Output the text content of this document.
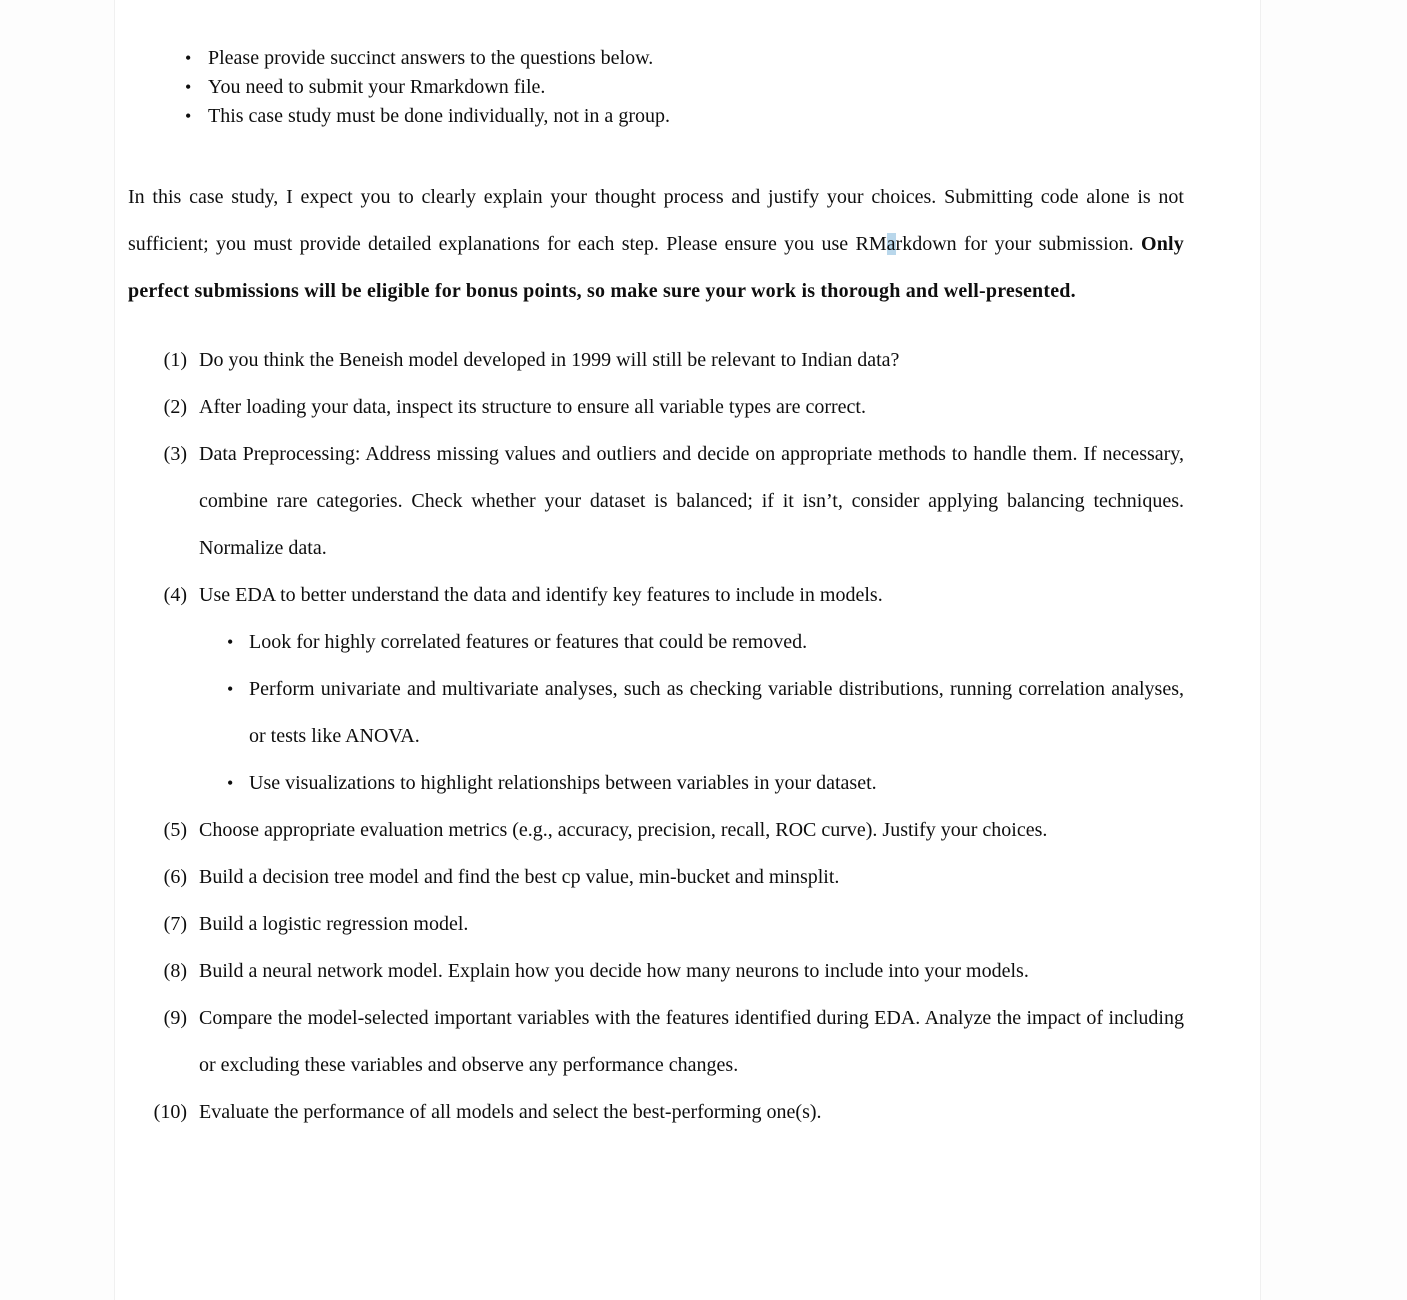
• Please provide succinct answers to the questions below.
• You need to submit your Rmarkdown file.
• This case study must be done individually, not in a group.

In this case study, I expect you to clearly explain your thought process and justify your choices. Submitting code alone is not sufficient; you must provide detailed explanations for each step. Please ensure you use RMarkdown for your submission. Only perfect submissions will be eligible for bonus points, so make sure your work is thorough and well-presented.

(1) Do you think the Beneish model developed in 1999 will still be relevant to Indian data?
(2) After loading your data, inspect its structure to ensure all variable types are correct.
(3) Data Preprocessing: Address missing values and outliers and decide on appropriate methods to handle them. If necessary, combine rare categories. Check whether your dataset is balanced; if it isn’t, consider applying balancing techniques. Normalize data.
(4) Use EDA to better understand the data and identify key features to include in models.
• Look for highly correlated features or features that could be removed.
• Perform univariate and multivariate analyses, such as checking variable distributions, running correlation analyses, or tests like ANOVA.
• Use visualizations to highlight relationships between variables in your dataset.
(5) Choose appropriate evaluation metrics (e.g., accuracy, precision, recall, ROC curve). Justify your choices.
(6) Build a decision tree model and find the best cp value, min-bucket and minsplit.
(7) Build a logistic regression model.
(8) Build a neural network model. Explain how you decide how many neurons to include into your models.
(9) Compare the model-selected important variables with the features identified during EDA. Analyze the impact of including or excluding these variables and observe any performance changes.
(10) Evaluate the performance of all models and select the best-performing one(s).
